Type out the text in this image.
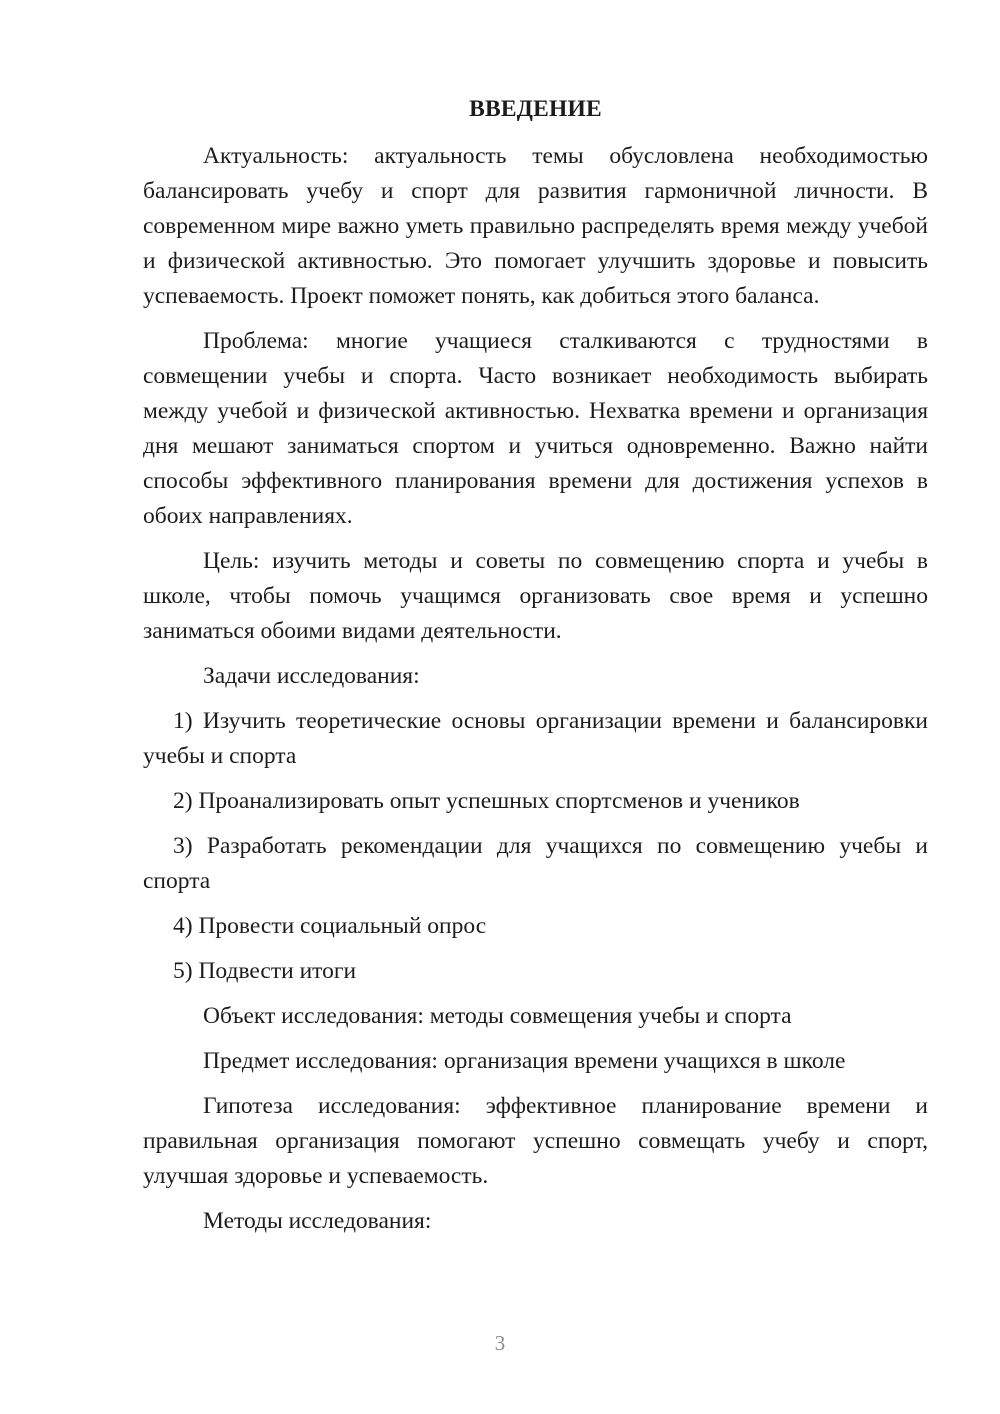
ВВЕДЕНИЕ

Актуальность: актуальность темы обусловлена необходимостью балансировать учебу и спорт для развития гармоничной личности. В современном мире важно уметь правильно распределять время между учебой и физической активностью. Это помогает улучшить здоровье и повысить успеваемость. Проект поможет понять, как добиться этого баланса.

Проблема: многие учащиеся сталкиваются с трудностями в совмещении учебы и спорта. Часто возникает необходимость выбирать между учебой и физической активностью. Нехватка времени и организация дня мешают заниматься спортом и учиться одновременно. Важно найти способы эффективного планирования времени для достижения успехов в обоих направлениях.

Цель: изучить методы и советы по совмещению спорта и учебы в школе, чтобы помочь учащимся организовать свое время и успешно заниматься обоими видами деятельности.

Задачи исследования:

1) Изучить теоретические основы организации времени и балансировки учебы и спорта

2) Проанализировать опыт успешных спортсменов и учеников

3) Разработать рекомендации для учащихся по совмещению учебы и спорта

4) Провести социальный опрос

5) Подвести итоги

Объект исследования: методы совмещения учебы и спорта

Предмет исследования: организация времени учащихся в школе

Гипотеза исследования: эффективное планирование времени и правильная организация помогают успешно совмещать учебу и спорт, улучшая здоровье и успеваемость.

Методы исследования:

3
